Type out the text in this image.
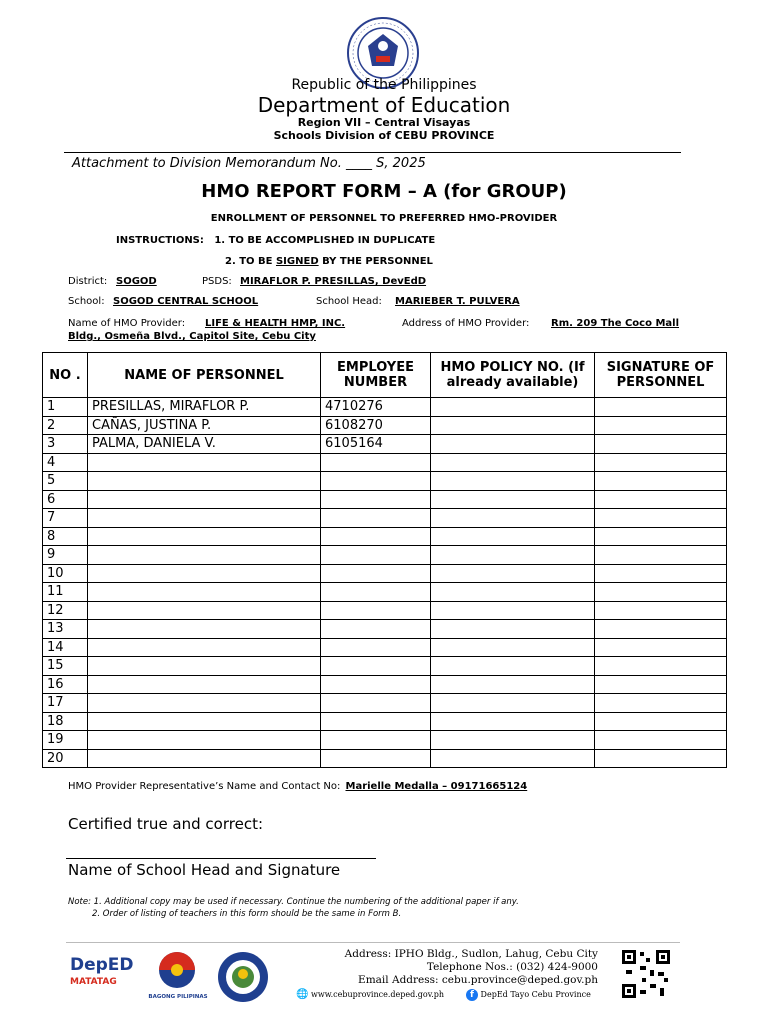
Republic of the Philippines
Department of Education
Region VII – Central Visayas
Schools Division of CEBU PROVINCE
Attachment to Division Memorandum No. ____ S, 2025
HMO REPORT FORM – A (for GROUP)
ENROLLMENT OF PERSONNEL TO PREFERRED HMO-PROVIDER
INSTRUCTIONS: 1. TO BE ACCOMPLISHED IN DUPLICATE
2. TO BE SIGNED BY THE PERSONNEL
District: SOGOD	PSDS: MIRAFLOR P. PRESILLAS, DevEdD
School: SOGOD CENTRAL SCHOOL	School Head: MARIEBER T. PULVERA
Name of HMO Provider: LIFE & HEALTH HMP, INC.	Address of HMO Provider: Rm. 209 The Coco Mall
Bldg., Osmeña Blvd., Capitol Site, Cebu City
NO .	NAME OF PERSONNEL	EMPLOYEE NUMBER	HMO POLICY NO. (If already available)	SIGNATURE OF PERSONNEL
1	PRESILLAS, MIRAFLOR P.	4710276		
2	CAÑAS, JUSTINA P.	6108270		
3	PALMA, DANIELA V.	6105164		
4				
5				
6				
7				
8				
9				
10				
11				
12				
13				
14				
15				
16				
17				
18				
19				
20				
HMO Provider Representative’s Name and Contact No: Marielle Medalla – 09171665124
Certified true and correct:
Name of School Head and Signature
Note: 1. Additional copy may be used if necessary. Continue the numbering of the additional paper if any.
2. Order of listing of teachers in this form should be the same in Form B.
DepED
MATATAG
BAGONG PILIPINAS
Address: IPHO Bldg., Sudlon, Lahug, Cebu City
Telephone Nos.: (032) 424-9000
Email Address: cebu.province@deped.gov.ph
🌐 www.cebuprovince.deped.gov.ph	f DepEd Tayo Cebu Province
